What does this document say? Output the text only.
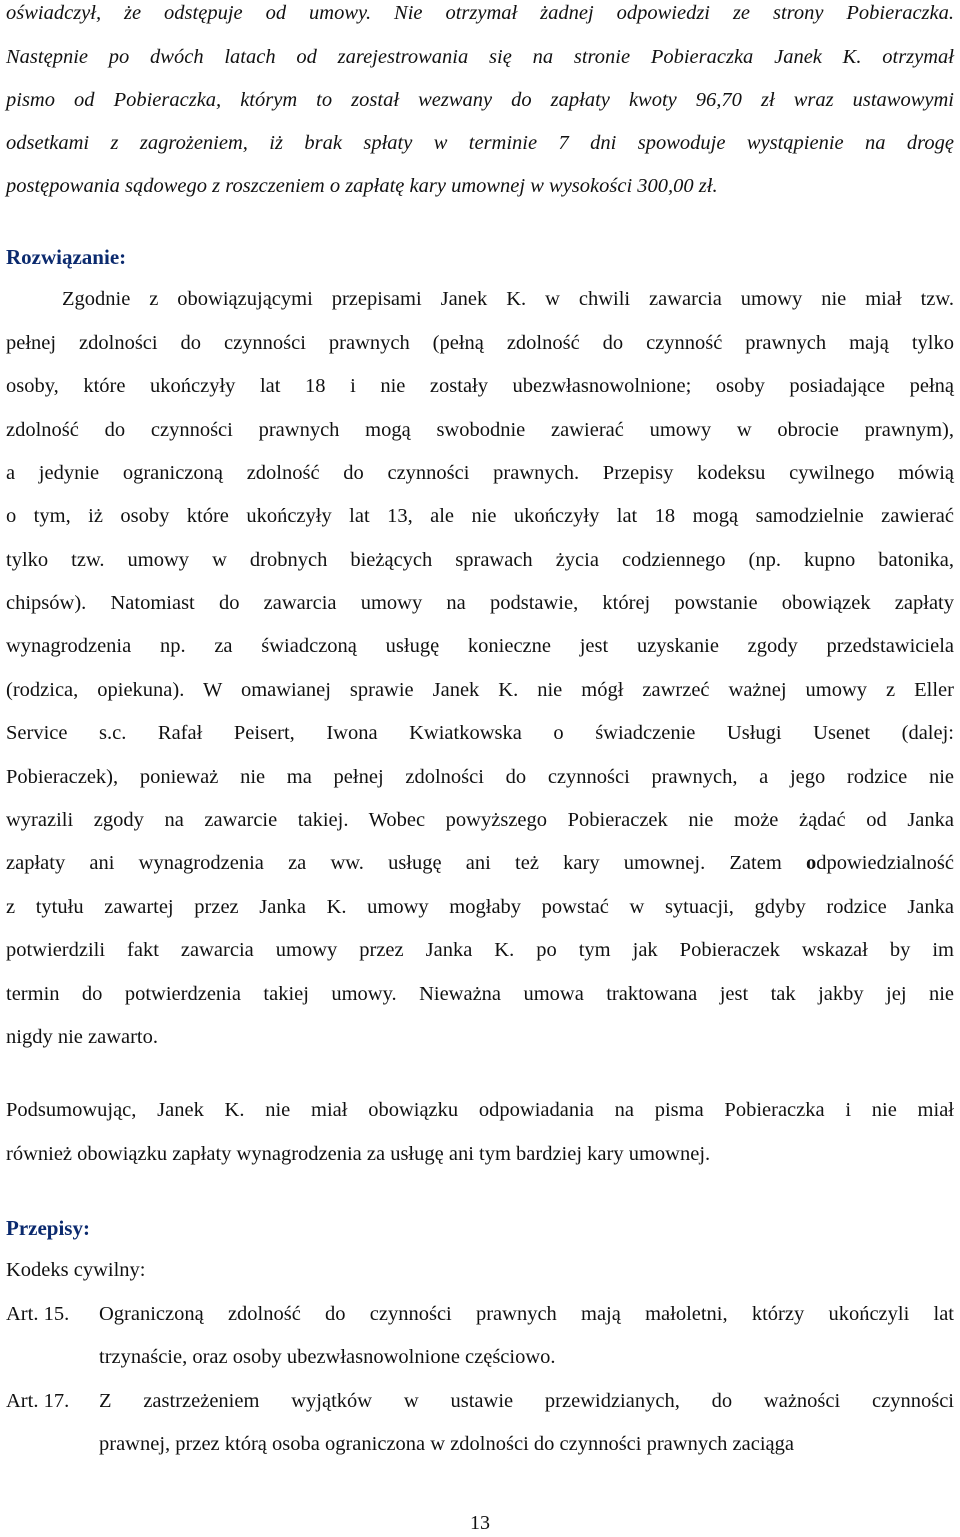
oświadczył, że odstępuje od umowy. Nie otrzymał żadnej odpowiedzi ze strony Pobieraczka.
Następnie po dwóch latach od zarejestrowania się na stronie Pobieraczka Janek K. otrzymał
pismo od Pobieraczka, którym to został wezwany do zapłaty kwoty 96,70 zł wraz ustawowymi
odsetkami z zagrożeniem, iż brak spłaty w terminie 7 dni spowoduje wystąpienie na drogę
postępowania sądowego z roszczeniem o zapłatę kary umownej w wysokości 300,00 zł.
Rozwiązanie:
Zgodnie z obowiązującymi przepisami Janek K. w chwili zawarcia umowy nie miał tzw.
pełnej zdolności do czynności prawnych (pełną zdolność do czynność prawnych mają tylko
osoby, które ukończyły lat 18 i nie zostały ubezwłasnowolnione; osoby posiadające pełną
zdolność do czynności prawnych mogą swobodnie zawierać umowy w obrocie prawnym),
a jedynie ograniczoną zdolność do czynności prawnych. Przepisy kodeksu cywilnego mówią
o tym, iż osoby które ukończyły lat 13, ale nie ukończyły lat 18 mogą samodzielnie zawierać
tylko tzw. umowy w drobnych bieżących sprawach życia codziennego (np. kupno batonika,
chipsów). Natomiast do zawarcia umowy na podstawie, której powstanie obowiązek zapłaty
wynagrodzenia np. za świadczoną usługę konieczne jest uzyskanie zgody przedstawiciela
(rodzica, opiekuna). W omawianej sprawie Janek K. nie mógł zawrzeć ważnej umowy z Eller
Service s.c. Rafał Peisert, Iwona Kwiatkowska o świadczenie Usługi Usenet (dalej:
Pobieraczek), ponieważ nie ma pełnej zdolności do czynności prawnych, a jego rodzice nie
wyrazili zgody na zawarcie takiej. Wobec powyższego Pobieraczek nie może żądać od Janka
zapłaty ani wynagrodzenia za ww. usługę ani też kary umownej. Zatem odpowiedzialność
z tytułu zawartej przez Janka K. umowy mogłaby powstać w sytuacji, gdyby rodzice Janka
potwierdzili fakt zawarcia umowy przez Janka K. po tym jak Pobieraczek wskazał by im
termin do potwierdzenia takiej umowy. Nieważna umowa traktowana jest tak jakby jej nie
nigdy nie zawarto.
Podsumowując, Janek K. nie miał obowiązku odpowiadania na pisma Pobieraczka i nie miał
również obowiązku zapłaty wynagrodzenia za usługę ani tym bardziej kary umownej.
Przepisy:
Kodeks cywilny:
Art. 15. Ograniczoną zdolność do czynności prawnych mają małoletni, którzy ukończyli lat
trzynaście, oraz osoby ubezwłasnowolnione częściowo.
Art. 17. Z zastrzeżeniem wyjątków w ustawie przewidzianych, do ważności czynności
prawnej, przez którą osoba ograniczona w zdolności do czynności prawnych zaciąga
13
